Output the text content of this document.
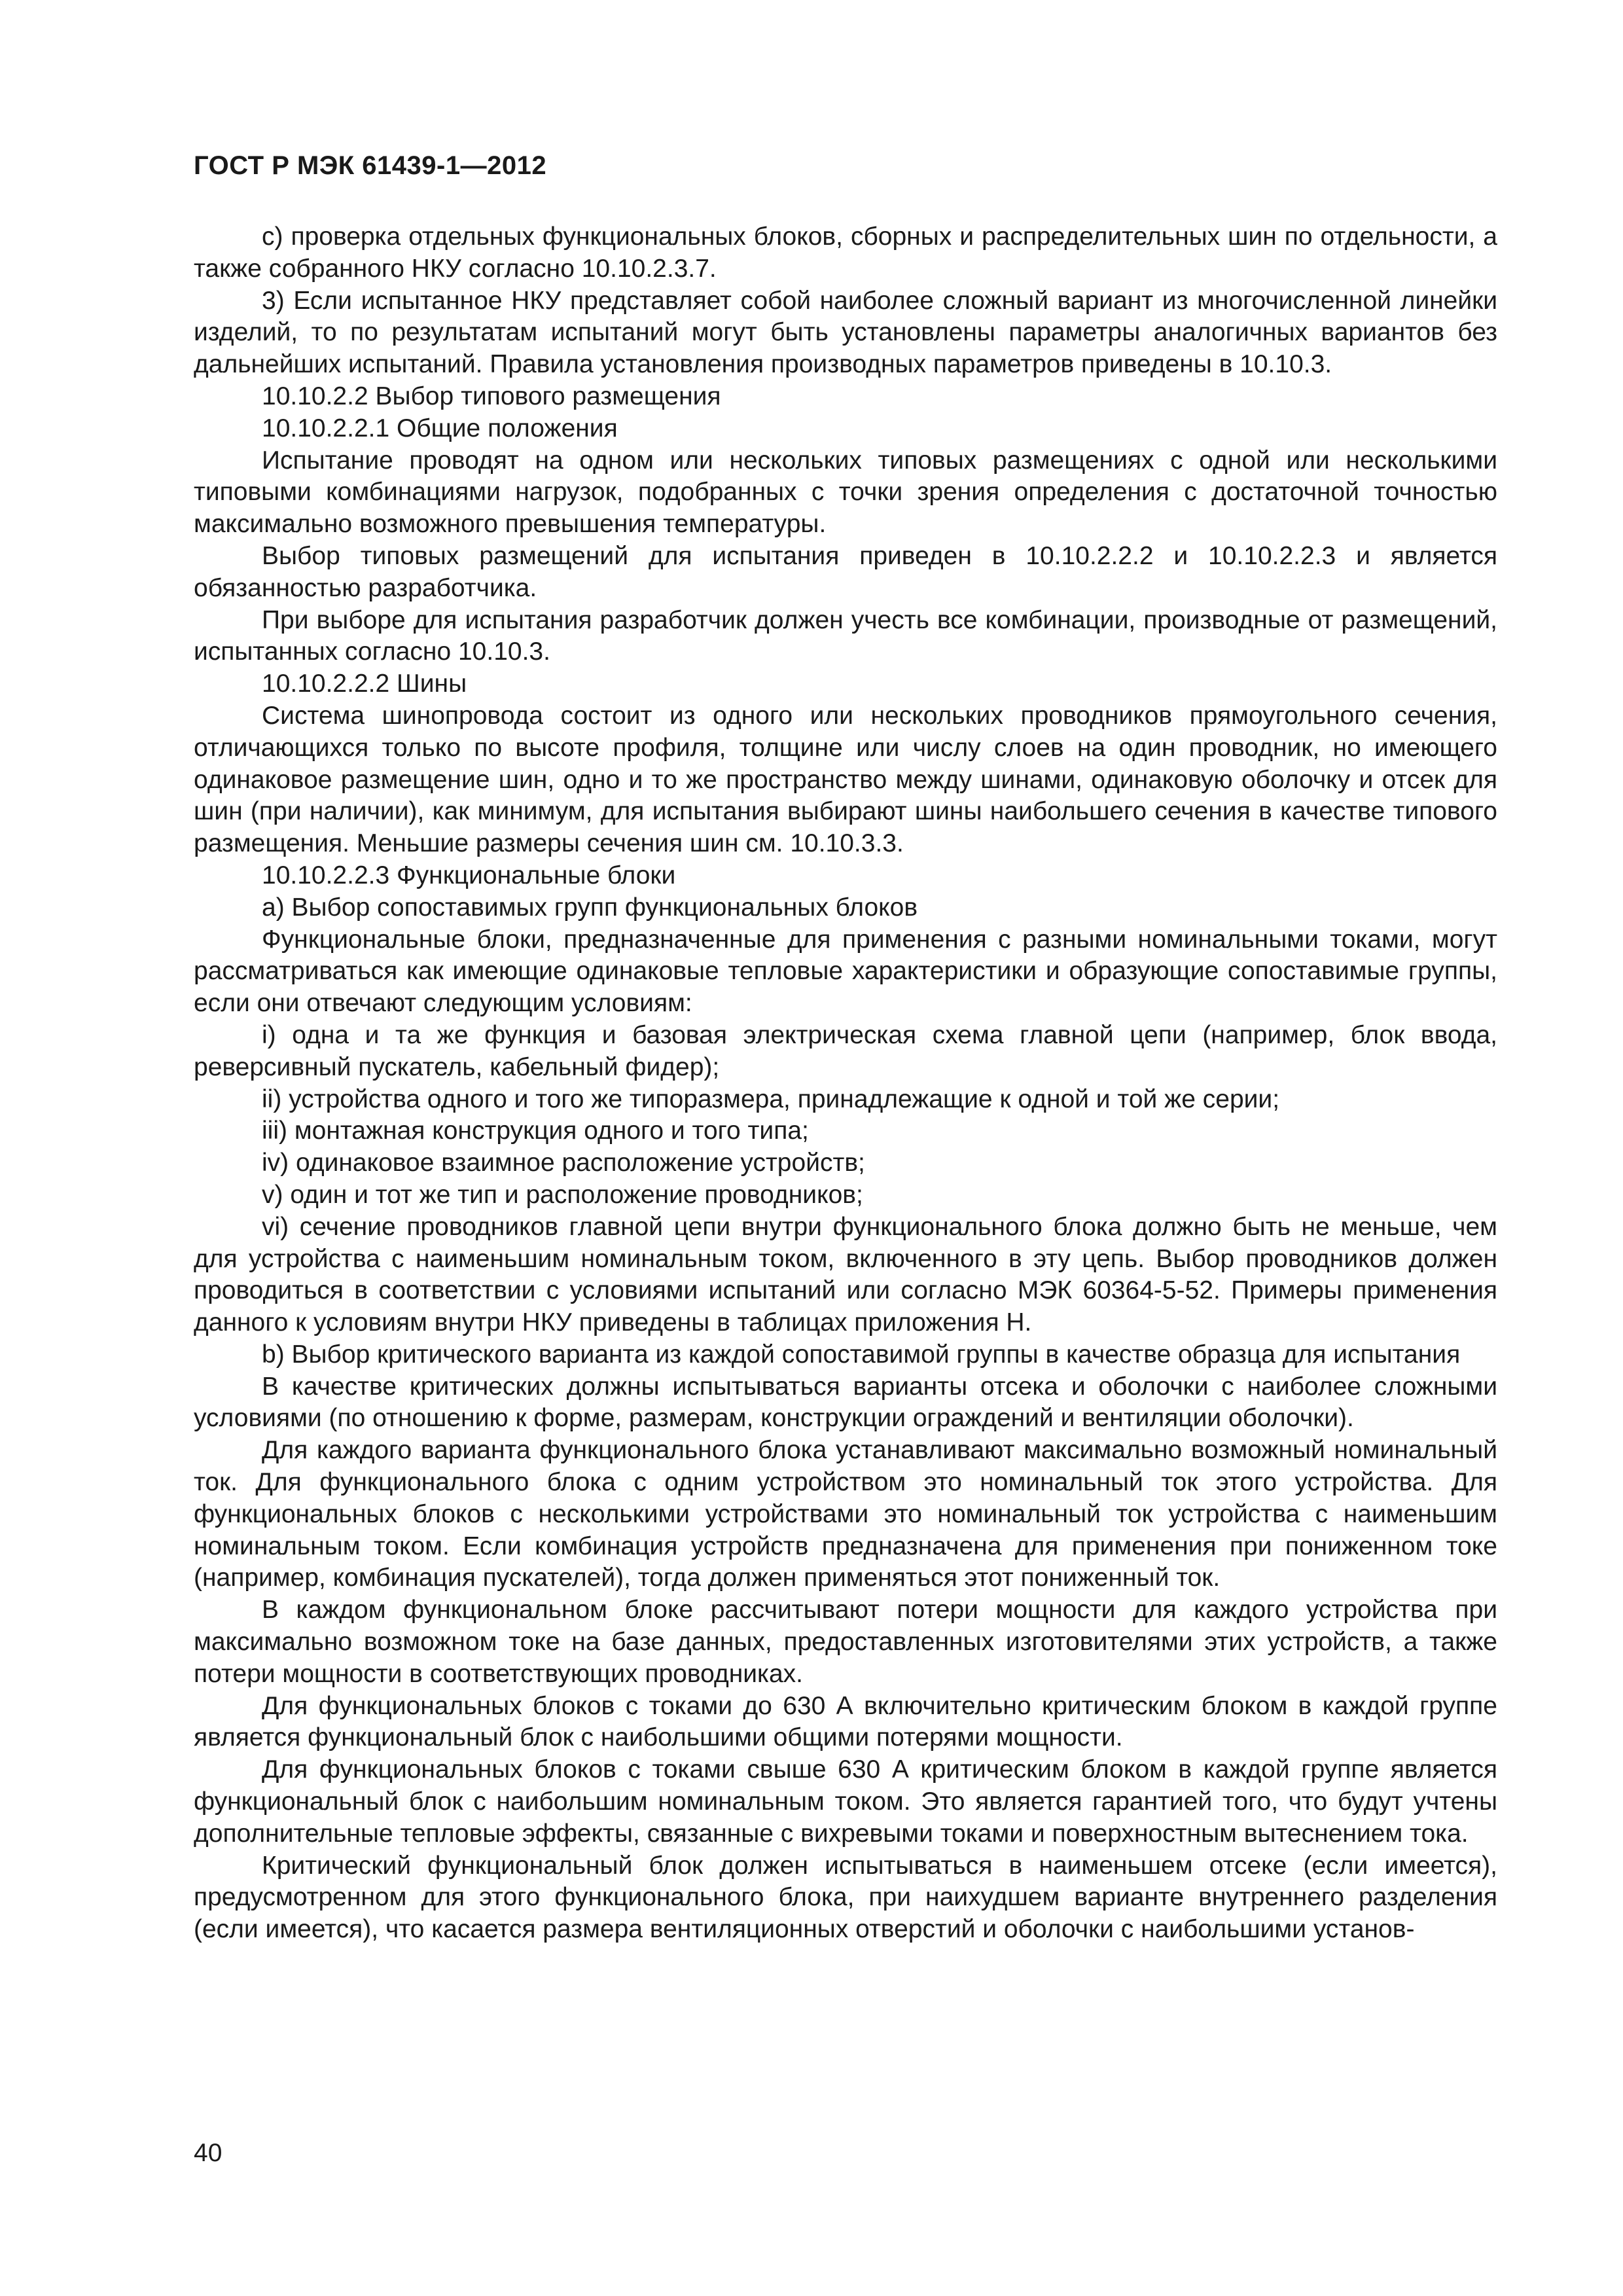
ГОСТ Р МЭК 61439-1—2012

c) проверка отдельных функциональных блоков, сборных и распределительных шин по отдельности, а также собранного НКУ согласно 10.10.2.3.7.

3) Если испытанное НКУ представляет собой наиболее сложный вариант из многочисленной линейки изделий, то по результатам испытаний могут быть установлены параметры аналогичных вариантов без дальнейших испытаний. Правила установления производных параметров приведены в 10.10.3.

10.10.2.2 Выбор типового размещения

10.10.2.2.1 Общие положения

Испытание проводят на одном или нескольких типовых размещениях с одной или несколькими типовыми комбинациями нагрузок, подобранных с точки зрения определения с достаточной точностью максимально возможного превышения температуры.

Выбор типовых размещений для испытания приведен в 10.10.2.2.2 и 10.10.2.2.3 и является обязанностью разработчика.

При выборе для испытания разработчик должен учесть все комбинации, производные от размещений, испытанных согласно 10.10.3.

10.10.2.2.2 Шины

Система шинопровода состоит из одного или нескольких проводников прямоугольного сечения, отличающихся только по высоте профиля, толщине или числу слоев на один проводник, но имеющего одинаковое размещение шин, одно и то же пространство между шинами, одинаковую оболочку и отсек для шин (при наличии), как минимум, для испытания выбирают шины наибольшего сечения в качестве типового размещения. Меньшие размеры сечения шин см. 10.10.3.3.

10.10.2.2.3 Функциональные блоки

a) Выбор сопоставимых групп функциональных блоков

Функциональные блоки, предназначенные для применения с разными номинальными токами, могут рассматриваться как имеющие одинаковые тепловые характеристики и образующие сопоставимые группы, если они отвечают следующим условиям:

i) одна и та же функция и базовая электрическая схема главной цепи (например, блок ввода, реверсивный пускатель, кабельный фидер);

ii) устройства одного и того же типоразмера, принадлежащие к одной и той же серии;

iii) монтажная конструкция одного и того типа;

iv) одинаковое взаимное расположение устройств;

v) один и тот же тип и расположение проводников;

vi) сечение проводников главной цепи внутри функционального блока должно быть не меньше, чем для устройства с наименьшим номинальным током, включенного в эту цепь. Выбор проводников должен проводиться в соответствии с условиями испытаний или согласно МЭК 60364-5-52. Примеры применения данного к условиям внутри НКУ приведены в таблицах приложения Н.

b) Выбор критического варианта из каждой сопоставимой группы в качестве образца для испытания

В качестве критических должны испытываться варианты отсека и оболочки с наиболее сложными условиями (по отношению к форме, размерам, конструкции ограждений и вентиляции оболочки).

Для каждого варианта функционального блока устанавливают максимально возможный номинальный ток. Для функционального блока с одним устройством это номинальный ток этого устройства. Для функциональных блоков с несколькими устройствами это номинальный ток устройства с наименьшим номинальным током. Если комбинация устройств предназначена для применения при пониженном токе (например, комбинация пускателей), тогда должен применяться этот пониженный ток.

В каждом функциональном блоке рассчитывают потери мощности для каждого устройства при максимально возможном токе на базе данных, предоставленных изготовителями этих устройств, а также потери мощности в соответствующих проводниках.

Для функциональных блоков с токами до 630 А включительно критическим блоком в каждой группе является функциональный блок с наибольшими общими потерями мощности.

Для функциональных блоков с токами свыше 630 А критическим блоком в каждой группе является функциональный блок с наибольшим номинальным током. Это является гарантией того, что будут учтены дополнительные тепловые эффекты, связанные с вихревыми токами и поверхностным вытеснением тока.

Критический функциональный блок должен испытываться в наименьшем отсеке (если имеется), предусмотренном для этого функционального блока, при наихудшем варианте внутреннего разделения (если имеется), что касается размера вентиляционных отверстий и оболочки с наибольшими установ-

40
